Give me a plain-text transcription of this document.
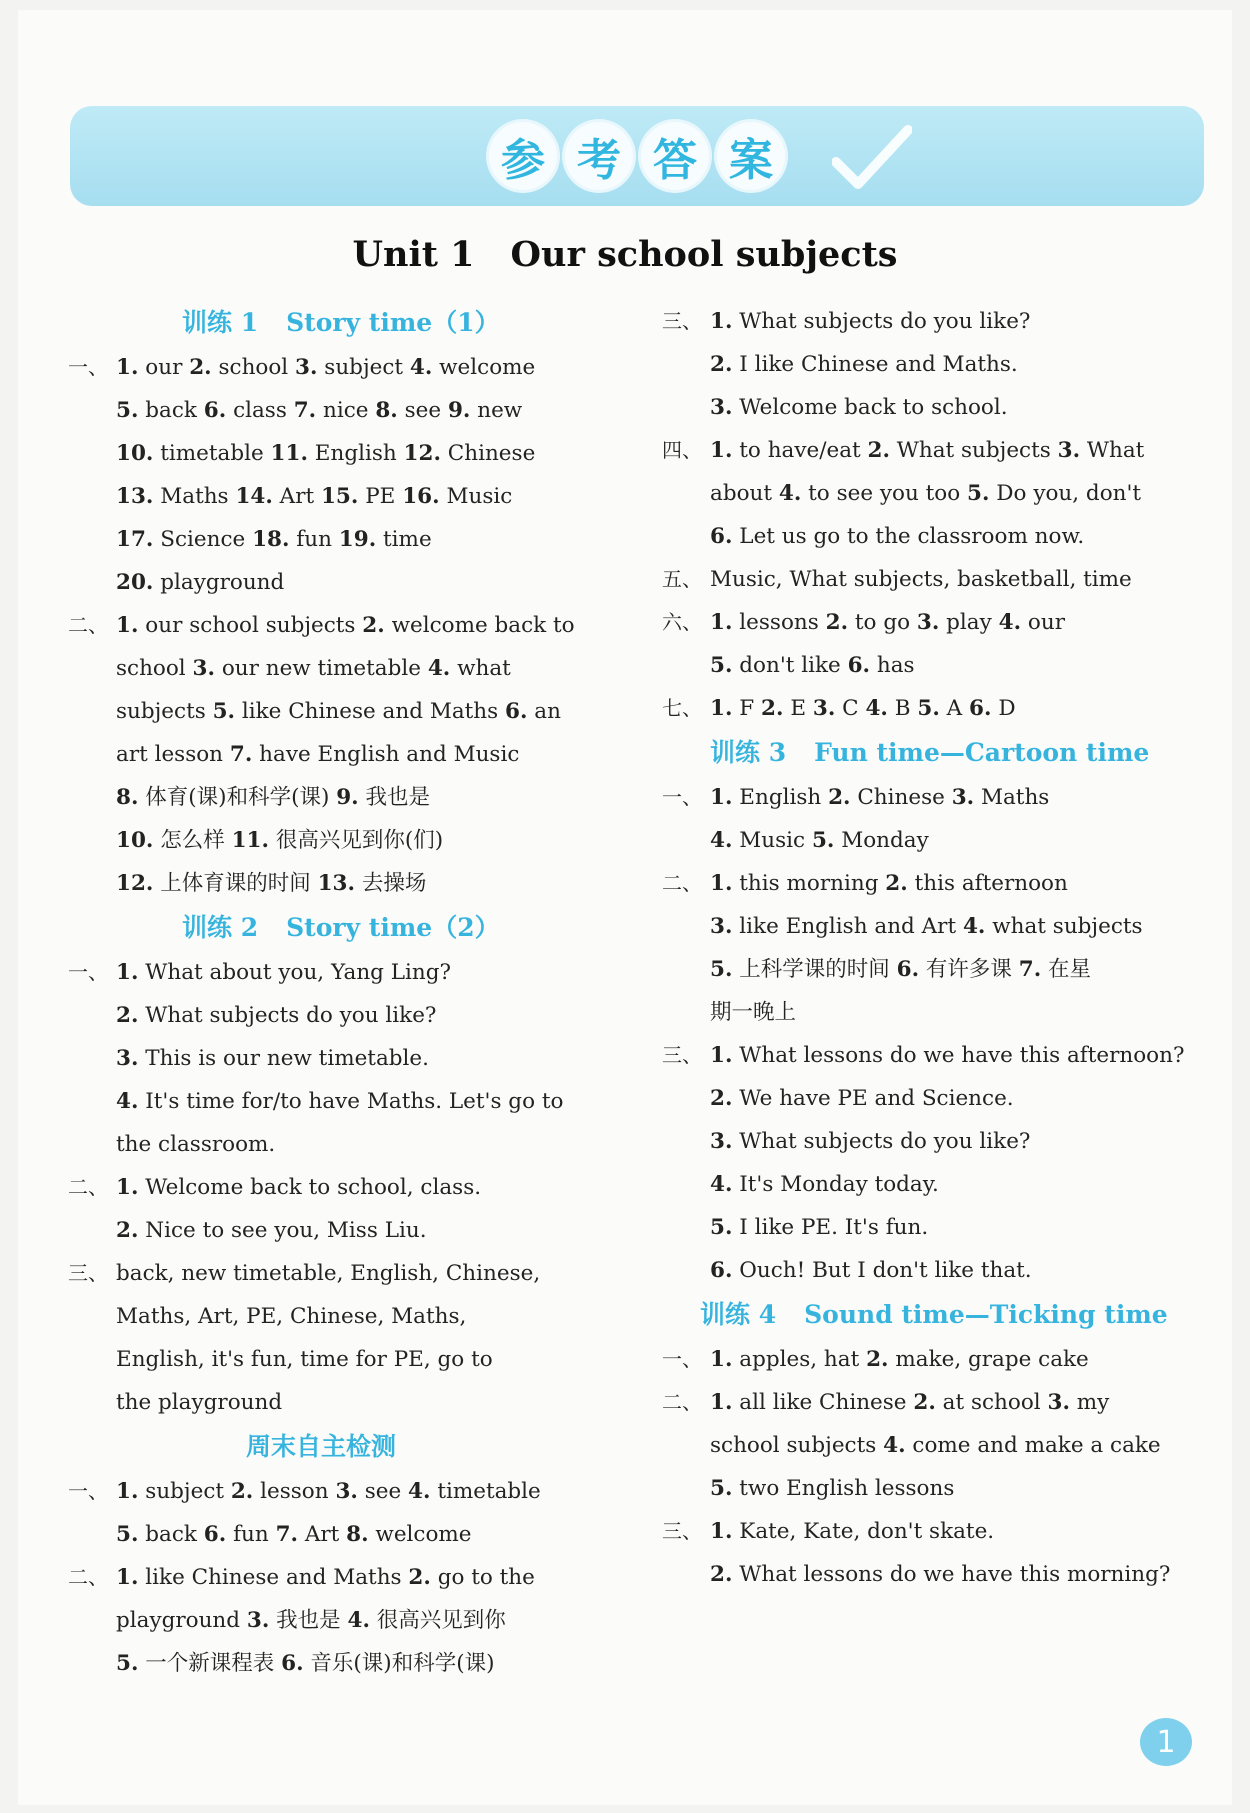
参 考 答 案
Unit 1 Our school subjects
训练 1 Story time（1）
一、 1. our 2. school 3. subject 4. welcome
5. back 6. class 7. nice 8. see 9. new
10. timetable 11. English 12. Chinese
13. Maths 14. Art 15. PE 16. Music
17. Science 18. fun 19. time
20. playground
二、 1. our school subjects 2. welcome back to
school 3. our new timetable 4. what
subjects 5. like Chinese and Maths 6. an
art lesson 7. have English and Music
8. 体育(课)和科学(课) 9. 我也是
10. 怎么样 11. 很高兴见到你(们)
12. 上体育课的时间 13. 去操场
训练 2 Story time（2）
一、 1. What about you, Yang Ling?
2. What subjects do you like?
3. This is our new timetable.
4. It's time for/to have Maths. Let's go to
the classroom.
二、 1. Welcome back to school, class.
2. Nice to see you, Miss Liu.
三、 back, new timetable, English, Chinese,
Maths, Art, PE, Chinese, Maths,
English, it's fun, time for PE, go to
the playground
周末自主检测
一、 1. subject 2. lesson 3. see 4. timetable
5. back 6. fun 7. Art 8. welcome
二、 1. like Chinese and Maths 2. go to the
playground 3. 我也是 4. 很高兴见到你
5. 一个新课程表 6. 音乐(课)和科学(课)
三、 1. What subjects do you like?
2. I like Chinese and Maths.
3. Welcome back to school.
四、 1. to have/eat 2. What subjects 3. What
about 4. to see you too 5. Do you, don't
6. Let us go to the classroom now.
五、 Music, What subjects, basketball, time
六、 1. lessons 2. to go 3. play 4. our
5. don't like 6. has
七、 1. F 2. E 3. C 4. B 5. A 6. D
训练 3 Fun time—Cartoon time
一、 1. English 2. Chinese 3. Maths
4. Music 5. Monday
二、 1. this morning 2. this afternoon
3. like English and Art 4. what subjects
5. 上科学课的时间 6. 有许多课 7. 在星
期一晚上
三、 1. What lessons do we have this afternoon?
2. We have PE and Science.
3. What subjects do you like?
4. It's Monday today.
5. I like PE. It's fun.
6. Ouch! But I don't like that.
训练 4 Sound time—Ticking time
一、 1. apples, hat 2. make, grape cake
二、 1. all like Chinese 2. at school 3. my
school subjects 4. come and make a cake
5. two English lessons
三、 1. Kate, Kate, don't skate.
2. What lessons do we have this morning?
1
